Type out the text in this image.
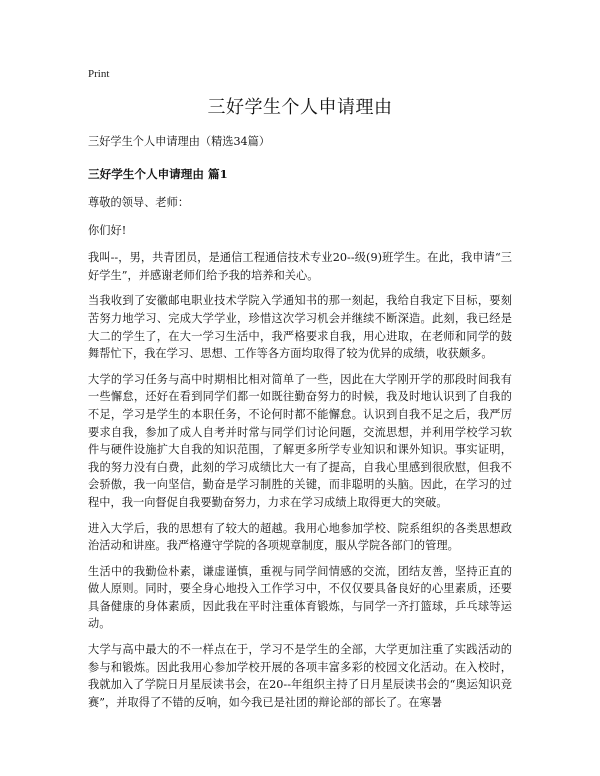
Print
三好学生个人申请理由
三好学生个人申请理由（精选34篇）
三好学生个人申请理由 篇1

尊敬的领导、老师：

你们好!

我叫--，男，共青团员，是通信工程通信技术专业20--级(9)班学生。在此，我申请“三好学生”，并感谢老师们给予我的培养和关心。

当我收到了安徽邮电职业技术学院入学通知书的那一刻起，我给自我定下目标，要刻苦努力地学习、完成大学学业，珍惜这次学习机会并继续不断深造。此刻，我已经是大二的学生了，在大一学习生活中，我严格要求自我，用心进取，在老师和同学的鼓舞帮忙下，我在学习、思想、工作等各方面均取得了较为优异的成绩，收获颇多。

大学的学习任务与高中时期相比相对简单了一些，因此在大学刚开学的那段时间我有一些懈怠，还好在看到同学们都一如既往勤奋努力的时候，我及时地认识到了自我的不足，学习是学生的本职任务，不论何时都不能懈怠。认识到自我不足之后，我严厉要求自我，参加了成人自考并时常与同学们讨论问题，交流思想，并利用学校学习软件与硬件设施扩大自我的知识范围，了解更多所学专业知识和课外知识。事实证明，我的努力没有白费，此刻的学习成绩比大一有了提高，自我心里感到很欣慰，但我不会骄傲，我一向坚信，勤奋是学习制胜的关键，而非聪明的头脑。因此，在学习的过程中，我一向督促自我要勤奋努力，力求在学习成绩上取得更大的突破。

进入大学后，我的思想有了较大的超越。我用心地参加学校、院系组织的各类思想政治活动和讲座。我严格遵守学院的各项规章制度，服从学院各部门的管理。

生活中的我勤俭朴素，谦虚谨慎，重视与同学间情感的交流，团结友善，坚持正直的做人原则。同时，要全身心地投入工作学习中，不仅仅要具备良好的心里素质，还要具备健康的身体素质，因此我在平时注重体育锻炼，与同学一齐打篮球，乒乓球等运动。

大学与高中最大的不一样点在于，学习不是学生的全部，大学更加注重了实践活动的参与和锻炼。因此我用心参加学校开展的各项丰富多彩的校园文化活动。在入校时，我就加入了学院日月星辰读书会，在20--年组织主持了日月星辰读书会的“奥运知识竞赛”，并取得了不错的反响，如今我已是社团的辩论部的部长了。在寒暑
